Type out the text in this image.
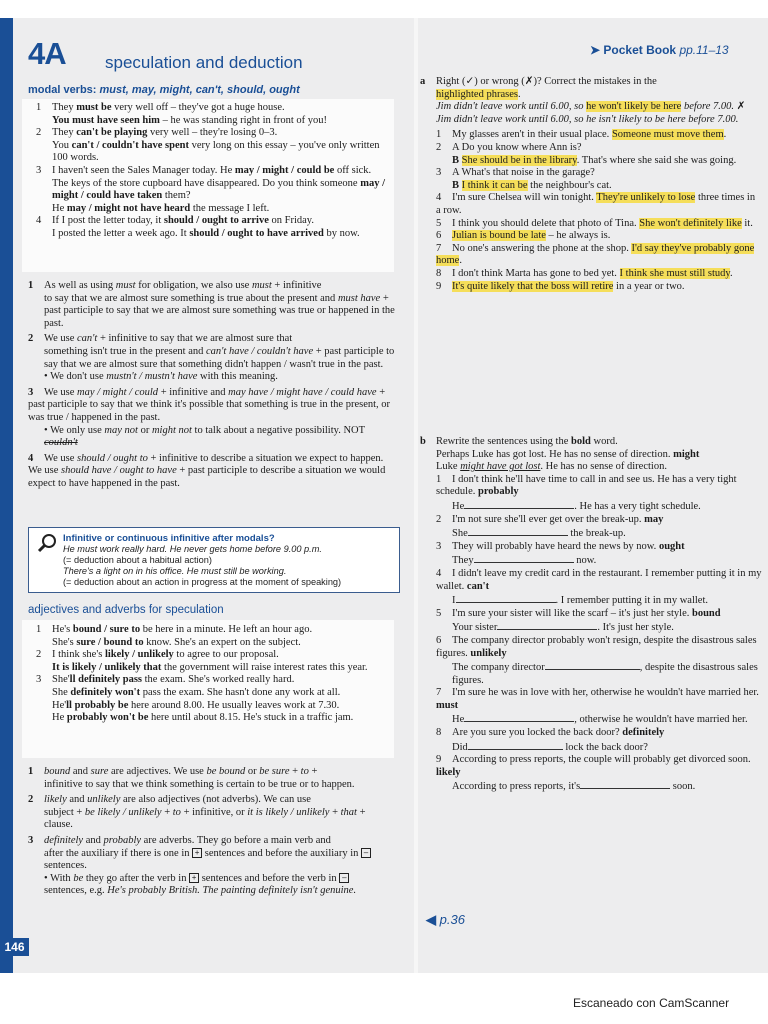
146
4A speculation and deduction
➤ Pocket Book pp.11–13
modal verbs: must, may, might, can't, should, ought

1 They must be very well off – they've got a huge house.

You must have seen him – he was standing right in front of you!

2 They can't be playing very well – they're losing 0–3.

You can't / couldn't have spent very long on this essay – you've only written 100 words.

3 I haven't seen the Sales Manager today. He may / might / could be off sick.

The keys of the store cupboard have disappeared. Do you think someone may / might / could have taken them?

He may / might not have heard the message I left.

4 If I post the letter today, it should / ought to arrive on Friday.

I posted the letter a week ago. It should / ought to have arrived by now.

1 As well as using must for obligation, we also use must + infinitive

to say that we are almost sure something is true about the present and must have + past participle to say that we are almost sure something was true or happened in the past.

2 We use can't + infinitive to say that we are almost sure that

something isn't true in the present and can't have / couldn't have + past participle to say that we are almost sure that something didn't happen / wasn't true in the past.

• We don't use mustn't / mustn't have with this meaning.

3 We use may / might / could + infinitive and may have / might have / could have + past participle to say that we think it's possible that something is true in the present, or was true / happened in the past.

• We only use may not or might not to talk about a negative possibility. NOT couldn't

4 We use should / ought to + infinitive to describe a situation we expect to happen. We use should have / ought to have + past participle to describe a situation we would expect to have happened in the past.

Infinitive or continuous infinitive after modals?
He must work really hard. He never gets home before 9.00 p.m.
(= deduction about a habitual action)
There's a light on in his office. He must still be working.
(= deduction about an action in progress at the moment of speaking)
adjectives and adverbs for speculation

1 He's bound / sure to be here in a minute. He left an hour ago.

She's sure / bound to know. She's an expert on the subject.

2 I think she's likely / unlikely to agree to our proposal.

It is likely / unlikely that the government will raise interest rates this year.

3 She'll definitely pass the exam. She's worked really hard.

She definitely won't pass the exam. She hasn't done any work at all.

He'll probably be here around 8.00. He usually leaves work at 7.30.

He probably won't be here until about 8.15. He's stuck in a traffic jam.

1 bound and sure are adjectives. We use be bound or be sure + to +

infinitive to say that we think something is certain to be true or to happen.

2 likely and unlikely are also adjectives (not adverbs). We can use

subject + be likely / unlikely + to + infinitive, or it is likely / unlikely + that + clause.

3 definitely and probably are adverbs. They go before a main verb and

after the auxiliary if there is one in + sentences and before the auxiliary in – sentences.

• With be they go after the verb in + sentences and before the verb in – sentences, e.g. He's probably British. The painting definitely isn't genuine.

a Right (✓) or wrong (✗)? Correct the mistakes in the

highlighted phrases.

Jim didn't leave work until 6.00, so he won't likely be here before 7.00. ✗

Jim didn't leave work until 6.00, so he isn't likely to be here before 7.00.

1 My glasses aren't in their usual place. Someone must move them.

2 A Do you know where Ann is?

B She should be in the library. That's where she said she was going.

3 A What's that noise in the garage?

B I think it can be the neighbour's cat.

4 I'm sure Chelsea will win tonight. They're unlikely to lose three times in a row.

5 I think you should delete that photo of Tina. She won't definitely like it.

6 Julian is bound be late – he always is.

7 No one's answering the phone at the shop. I'd say they've probably gone home.

8 I don't think Marta has gone to bed yet. I think she must still study.

9 It's quite likely that the boss will retire in a year or two.

b Rewrite the sentences using the bold word.

Perhaps Luke has got lost. He has no sense of direction. might

Luke might have got lost. He has no sense of direction.

1 I don't think he'll have time to call in and see us. He has a very tight schedule. probably

He	. He has a very tight schedule.

2 I'm not sure she'll ever get over the break-up. may

She	the break-up.

3 They will probably have heard the news by now. ought

They	now.

4 I didn't leave my credit card in the restaurant. I remember putting it in my wallet. can't

I	. I remember putting it in my wallet.

5 I'm sure your sister will like the scarf – it's just her style. bound

Your sister	. It's just her style.

6 The company director probably won't resign, despite the disastrous sales figures. unlikely

The company director	, despite the disastrous sales figures.

7 I'm sure he was in love with her, otherwise he wouldn't have married her. must

He	, otherwise he wouldn't have married her.

8 Are you sure you locked the back door? definitely

Did	lock the back door?

9 According to press reports, the couple will probably get divorced soon. likely

According to press reports, it's	soon.

◀ p.36
Escaneado con CamScanner
